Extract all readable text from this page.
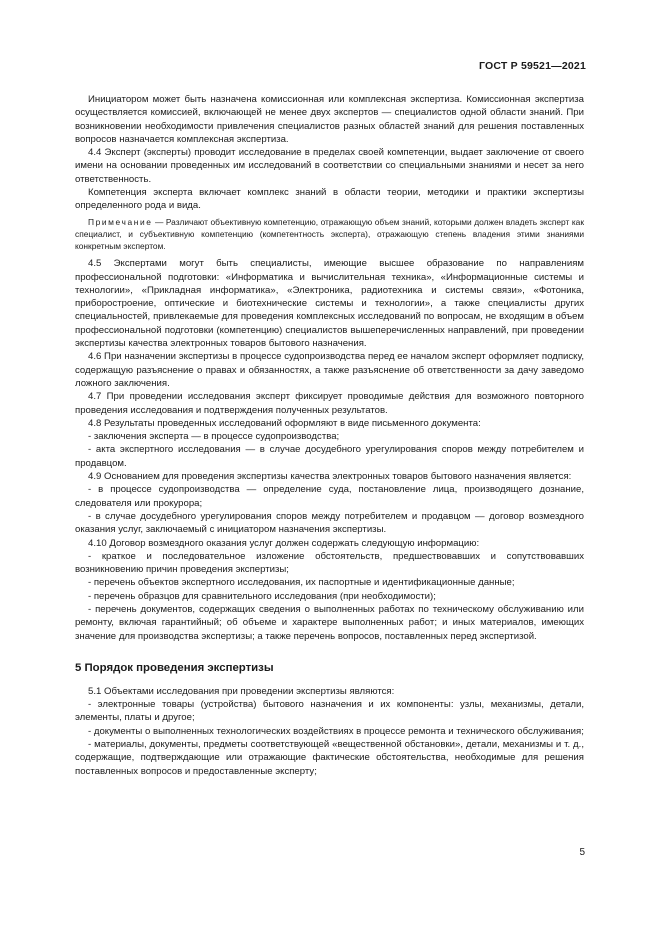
ГОСТ Р 59521—2021

Инициатором может быть назначена комиссионная или комплексная экспертиза. Комиссионная экспертиза осуществляется комиссией, включающей не менее двух экспертов — специалистов одной области знаний. При возникновении необходимости привлечения специалистов разных областей знаний для решения поставленных вопросов назначается комплексная экспертиза.

4.4 Эксперт (эксперты) проводит исследование в пределах своей компетенции, выдает заключение от своего имени на основании проведенных им исследований в соответствии со специальными знаниями и несет за него ответственность.

Компетенция эксперта включает комплекс знаний в области теории, методики и практики экспертизы определенного рода и вида.

Примечание — Различают объективную компетенцию, отражающую объем знаний, которыми должен владеть эксперт как специалист, и субъективную компетенцию (компетентность эксперта), отражающую степень владения этими знаниями конкретным экспертом.

4.5 Экспертами могут быть специалисты, имеющие высшее образование по направлениям профессиональной подготовки: «Информатика и вычислительная техника», «Информационные системы и технологии», «Прикладная информатика», «Электроника, радиотехника и системы связи», «Фотоника, приборостроение, оптические и биотехнические системы и технологии», а также специалисты других специальностей, привлекаемые для проведения комплексных исследований по вопросам, не входящим в объем профессиональной подготовки (компетенцию) специалистов вышеперечисленных направлений, при проведении экспертизы качества электронных товаров бытового назначения.

4.6 При назначении экспертизы в процессе судопроизводства перед ее началом эксперт оформляет подписку, содержащую разъяснение о правах и обязанностях, а также разъяснение об ответственности за дачу заведомо ложного заключения.

4.7 При проведении исследования эксперт фиксирует проводимые действия для возможного повторного проведения исследования и подтверждения полученных результатов.

4.8 Результаты проведенных исследований оформляют в виде письменного документа:

- заключения эксперта — в процессе судопроизводства;

- акта экспертного исследования — в случае досудебного урегулирования споров между потребителем и продавцом.

4.9 Основанием для проведения экспертизы качества электронных товаров бытового назначения является:

- в процессе судопроизводства — определение суда, постановление лица, производящего дознание, следователя или прокурора;

- в случае досудебного урегулирования споров между потребителем и продавцом — договор возмездного оказания услуг, заключаемый с инициатором назначения экспертизы.

4.10 Договор возмездного оказания услуг должен содержать следующую информацию:

- краткое и последовательное изложение обстоятельств, предшествовавших и сопутствовавших возникновению причин проведения экспертизы;

- перечень объектов экспертного исследования, их паспортные и идентификационные данные;

- перечень образцов для сравнительного исследования (при необходимости);

- перечень документов, содержащих сведения о выполненных работах по техническому обслуживанию или ремонту, включая гарантийный; об объеме и характере выполненных работ; и иных материалов, имеющих значение для производства экспертизы; а также перечень вопросов, поставленных перед экспертизой.

5 Порядок проведения экспертизы

5.1 Объектами исследования при проведении экспертизы являются:

- электронные товары (устройства) бытового назначения и их компоненты: узлы, механизмы, детали, элементы, платы и другое;

- документы о выполненных технологических воздействиях в процессе ремонта и технического обслуживания;

- материалы, документы, предметы соответствующей «вещественной обстановки», детали, механизмы и т. д., содержащие, подтверждающие или отражающие фактические обстоятельства, необходимые для решения поставленных вопросов и предоставленные эксперту;

5
